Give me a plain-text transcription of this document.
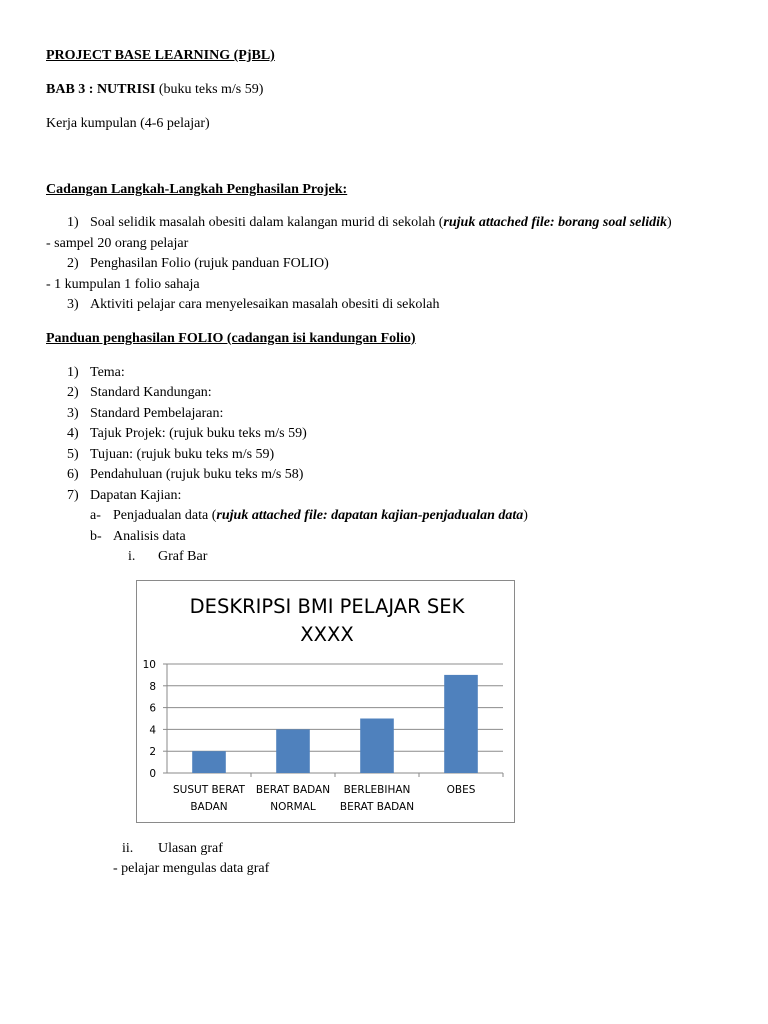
PROJECT BASE LEARNING (PjBL)
BAB 3 : NUTRISI (buku teks m/s 59)
Kerja kumpulan (4-6 pelajar)
Cadangan Langkah-Langkah Penghasilan Projek:
1) Soal selidik masalah obesiti dalam kalangan murid di sekolah (rujuk attached file: borang soal selidik)
- sampel 20 orang pelajar
2) Penghasilan Folio (rujuk panduan FOLIO)
- 1 kumpulan 1 folio sahaja
3) Aktiviti pelajar cara menyelesaikan masalah obesiti di sekolah
Panduan penghasilan FOLIO (cadangan isi kandungan Folio)
1) Tema:
2) Standard Kandungan:
3) Standard Pembelajaran:
4) Tajuk Projek: (rujuk buku teks m/s 59)
5) Tujuan: (rujuk buku teks m/s 59)
6) Pendahuluan (rujuk buku teks m/s 58)
7) Dapatan Kajian:
a- Penjadualan data (rujuk attached file: dapatan kajian-penjadualan data)
b- Analisis data
i. Graf Bar
DESKRIPSI BMI PELAJAR SEK
XXXX
0
2
4
6
8
10
SUSUT BERAT
BADAN
BERAT BADAN
NORMAL
BERLEBIHAN
BERAT BADAN
OBES
ii. Ulasan graf
- pelajar mengulas data graf
